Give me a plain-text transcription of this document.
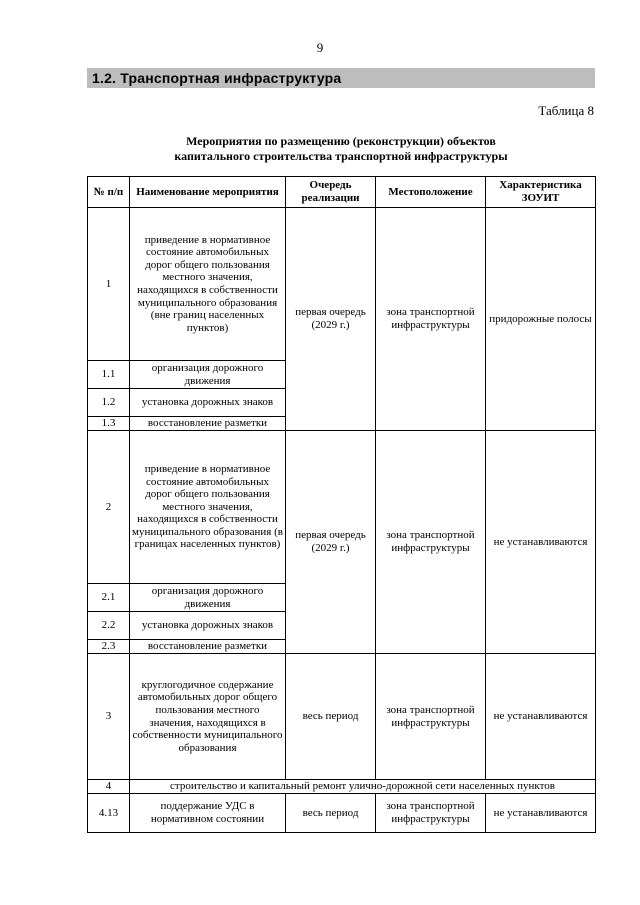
9
1.2. Транспортная инфраструктура
Таблица 8
Мероприятия по размещению (реконструкции) объектов
капитального строительства транспортной инфраструктуры
№ п/п	Наименование мероприятия	Очередь реализации	Местоположение	Характеристика ЗОУИТ
1	приведение в нормативное состояние автомобильных дорог общего пользования местного значения, находящихся в собственности муниципального образования (вне границ населенных пунктов)	первая очередь (2029 г.)	зона транспортной инфраструктуры	придорожные полосы
1.1	организация дорожного движения			
1.2	установка дорожных знаков			
1.3	восстановление разметки			
2	приведение в нормативное состояние автомобильных дорог общего пользования местного значения, находящихся в собственности муниципального образования (в границах населенных пунктов)	первая очередь (2029 г.)	зона транспортной инфраструктуры	не устанавливаются
2.1	организация дорожного движения			
2.2	установка дорожных знаков			
2.3	восстановление разметки			
3	круглогодичное содержание автомобильных дорог общего пользования местного значения, находящихся в собственности муниципального образования	весь период	зона транспортной инфраструктуры	не устанавливаются
4	строительство и капитальный ремонт улично-дорожной сети населенных пунктов			
4.13	поддержание УДС в нормативном состоянии	весь период	зона транспортной инфраструктуры	не устанавливаются
